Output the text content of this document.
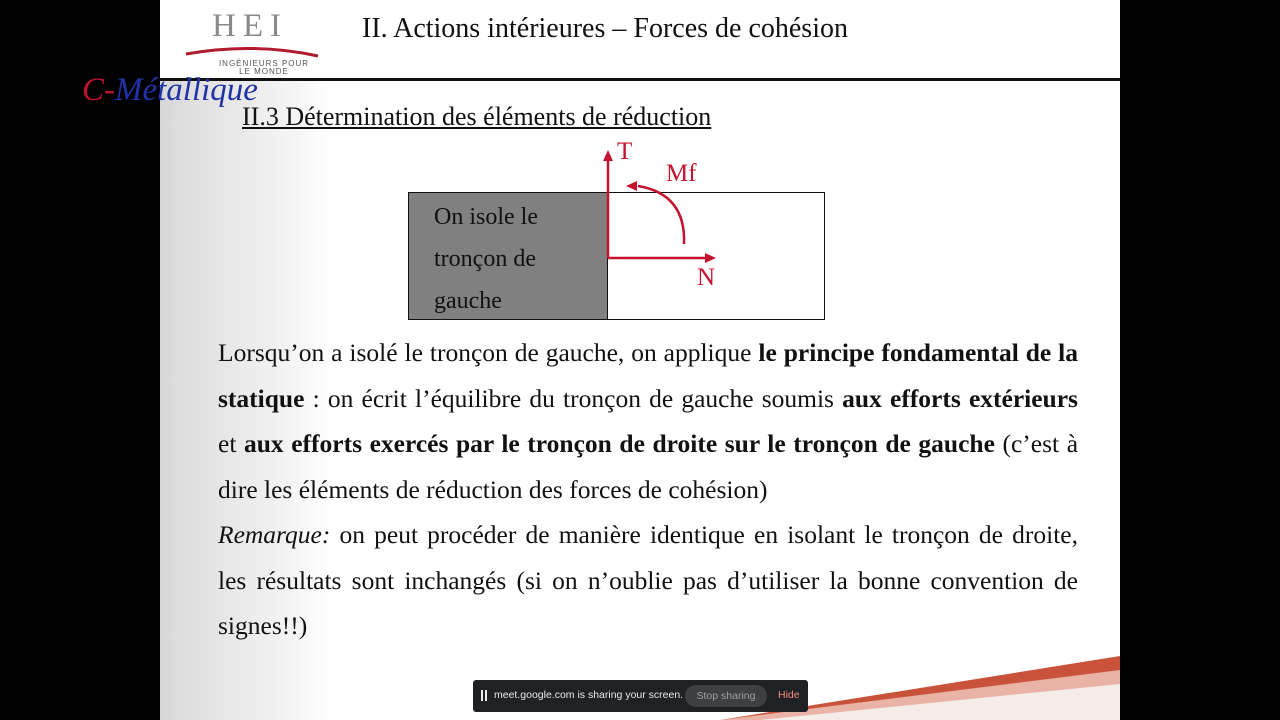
HEI
INGÉNIEURS POUR LE MONDE
II. Actions intérieures – Forces de cohésion
II.3 Détermination des éléments de réduction
On isole le tronçon de gauche
T
Mf
N

Lorsqu’on a isolé le tronçon de gauche, on applique le principe fondamental de la statique : on écrit l’équilibre du tronçon de gauche soumis aux efforts extérieurs et aux efforts exercés par le tronçon de droite sur le tronçon de gauche (c’est à dire les éléments de réduction des forces de cohésion)

Remarque: on peut procéder de manière identique en isolant le tronçon de droite, les résultats sont inchangés (si on n’oublie pas d’utiliser la bonne convention de signes!!)

C-Métallique
meet.google.com is sharing your screen.	Stop sharing	Hide
